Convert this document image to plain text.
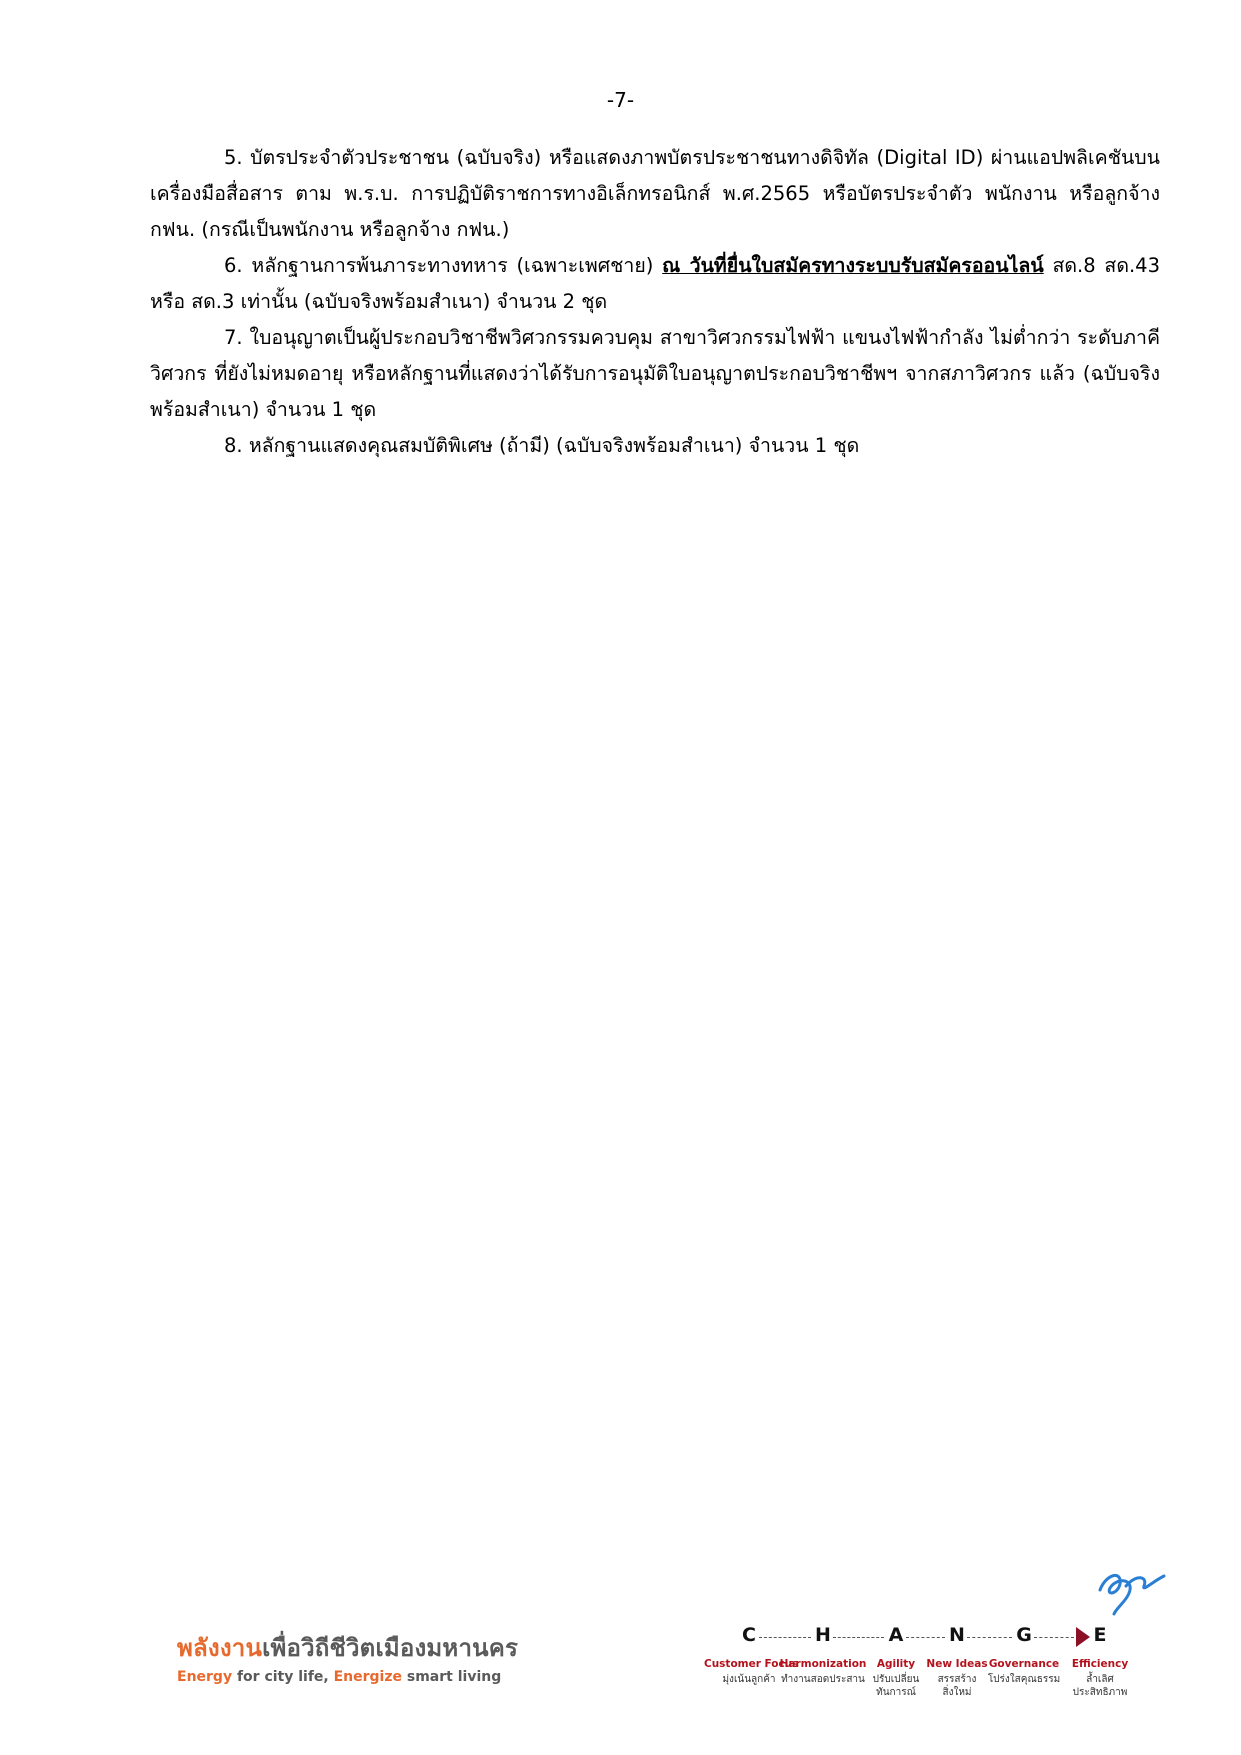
-7-

5. บัตรประจำตัวประชาชน (ฉบับจริง) หรือแสดงภาพบัตรประชาชนทางดิจิทัล (Digital ID) ผ่านแอปพลิเคชันบนเครื่องมือสื่อสาร ตาม พ.ร.บ. การปฏิบัติราชการทางอิเล็กทรอนิกส์ พ.ศ.2565 หรือบัตรประจำตัว พนักงาน หรือลูกจ้าง กฟน. (กรณีเป็นพนักงาน หรือลูกจ้าง กฟน.)

6. หลักฐานการพ้นภาระทางทหาร (เฉพาะเพศชาย) ณ วันที่ยื่นใบสมัครทางระบบรับสมัครออนไลน์ สด.8 สด.43 หรือ สด.3 เท่านั้น (ฉบับจริงพร้อมสำเนา) จำนวน 2 ชุด

7. ใบอนุญาตเป็นผู้ประกอบวิชาชีพวิศวกรรมควบคุม สาขาวิศวกรรมไฟฟ้า แขนงไฟฟ้ากำลัง ไม่ต่ำกว่า ระดับภาคีวิศวกร ที่ยังไม่หมดอายุ หรือหลักฐานที่แสดงว่าได้รับการอนุมัติใบอนุญาตประกอบวิชาชีพฯ จากสภาวิศวกร แล้ว (ฉบับจริงพร้อมสำเนา) จำนวน 1 ชุด

8. หลักฐานแสดงคุณสมบัติพิเศษ (ถ้ามี) (ฉบับจริงพร้อมสำเนา) จำนวน 1 ชุด

พลังงานเพื่อวิถีชีวิตเมืองมหานคร
Energy for city life, Energize smart living
C	H	A N	G	E
Customer Focus
Harmonization Agility	New Ideas Governance	Efficiency
มุ่งเน้นลูกค้า ทำงานสอดประสาน ปรับเปลี่ยน	สรรสร้าง	โปร่งใสคุณธรรม	ล้ำเลิศ
ทันการณ์	สิ่งใหม่	ประสิทธิภาพ
